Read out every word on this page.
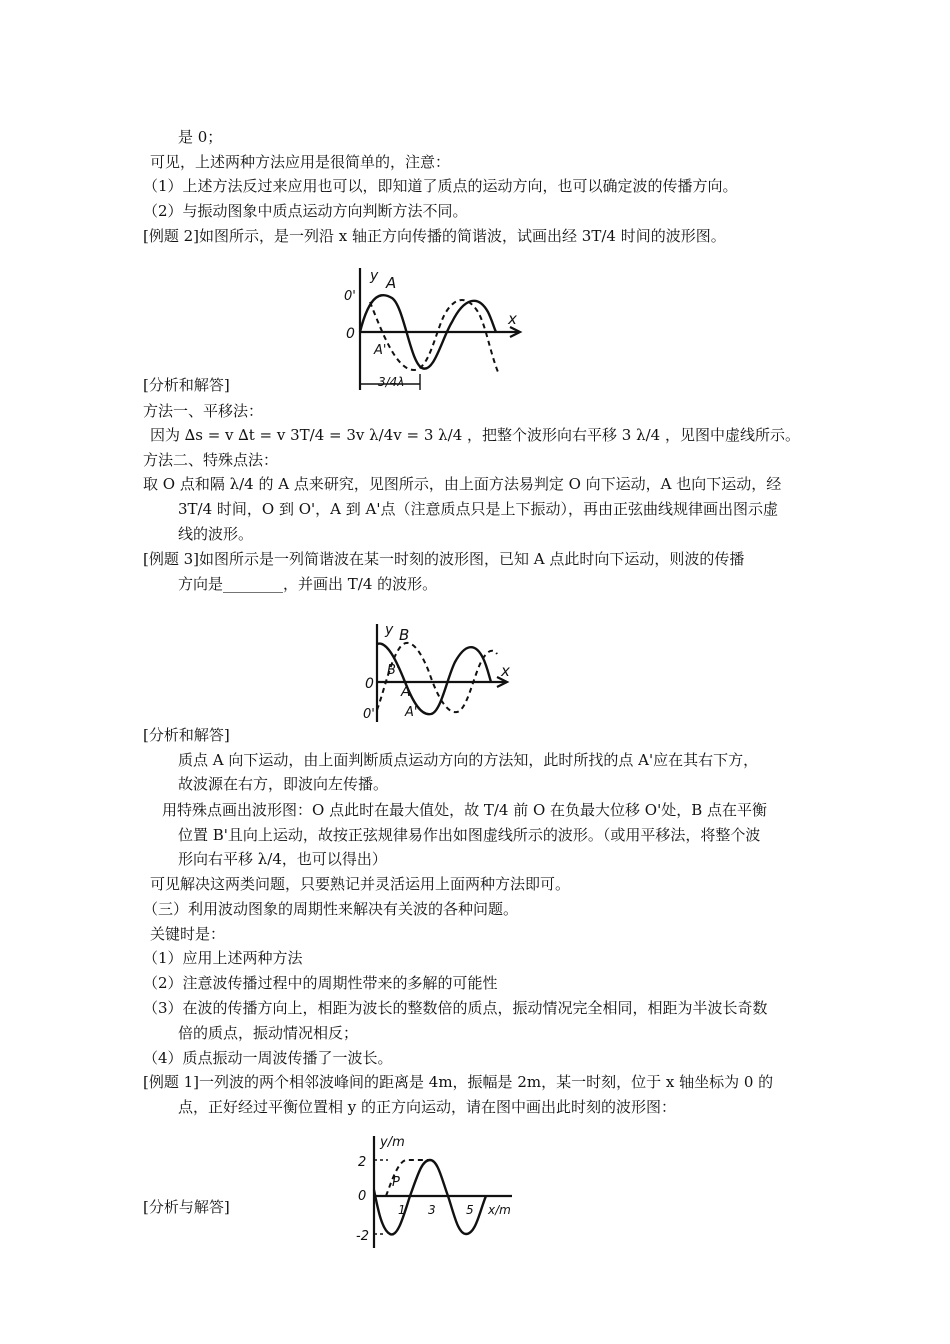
是 0；
可见，上述两种方法应用是很简单的，注意：
（1）上述方法反过来应用也可以，即知道了质点的运动方向，也可以确定波的传播方向。
（2）与振动图象中质点运动方向判断方法不同。
[例题 2]如图所示，是一列沿 x 轴正方向传播的简谐波，试画出经 3T/4 时间的波形图。
y
x
0
0'
A
A'
3/4λ
[分析和解答]
方法一、平移法：
因为 ∆s = v ∆t = v 3T/4 = 3v λ/4v = 3 λ/4 ，把整个波形向右平移 3 λ/4 ，见图中虚线所示。
方法二、特殊点法：
取 O 点和隔 λ/4 的 A 点来研究，见图所示，由上面方法易判定 O 向下运动，A 也向下运动，经
3T/4 时间，O 到 O'，A 到 A'点（注意质点只是上下振动），再由正弦曲线规律画出图示虚
线的波形。
[例题 3]如图所示是一列简谐波在某一时刻的波形图，已知 A 点此时向下运动，则波的传播
方向是________，并画出 T/4 的波形。
y B
x
0
0'
B'
A
A'
[分析和解答]
质点 A 向下运动，由上面判断质点运动方向的方法知，此时所找的点 A'应在其右下方，
故波源在右方，即波向左传播。
用特殊点画出波形图：O 点此时在最大值处，故 T/4 前 O 在负最大位移 O'处，B 点在平衡
位置 B'且向上运动，故按正弦规律易作出如图虚线所示的波形。（或用平移法，将整个波
形向右平移 λ/4，也可以得出）
可见解决这两类问题，只要熟记并灵活运用上面两种方法即可。
（三）利用波动图象的周期性来解决有关波的各种问题。
关键时是：
（1）应用上述两种方法
（2）注意波传播过程中的周期性带来的多解的可能性
（3）在波的传播方向上，相距为波长的整数倍的质点，振动情况完全相同，相距为半波长奇数
倍的质点，振动情况相反；
（4）质点振动一周波传播了一波长。
[例题 1]一列波的两个相邻波峰间的距离是 4m，振幅是 2m，某一时刻，位于 x 轴坐标为 0 的
点，正好经过平衡位置相 y 的正方向运动，请在图中画出此时刻的波形图：
y/m
2
0
-2
P
1 3	5 x/m
[分析与解答]
